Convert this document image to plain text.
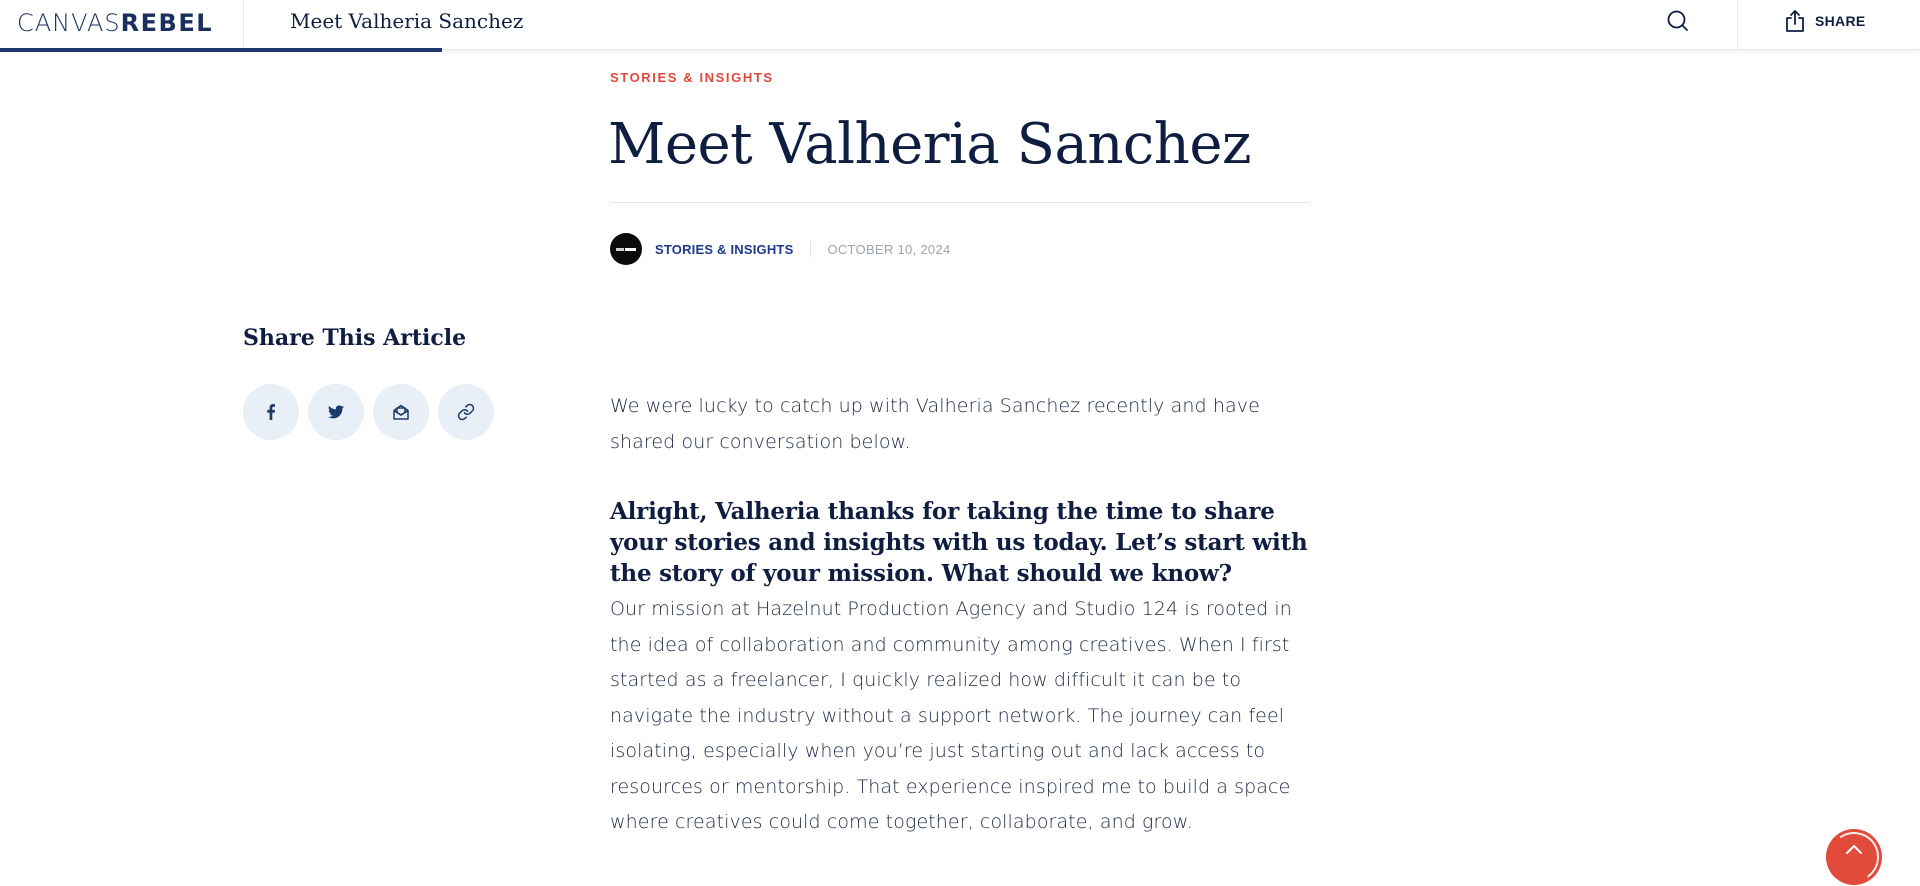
CANVAS REBEL	Meet Valheria Sanchez	SHARE
STORIES & INSIGHTS
Meet Valheria Sanchez
STORIES & INSIGHTS	OCTOBER 10, 2024
Share This Article

We were lucky to catch up with Valheria Sanchez recently and have shared our conversation below.

Alright, Valheria thanks for taking the time to share your stories and insights with us today. Let’s start with the story of your mission. What should we know?

Our mission at Hazelnut Production Agency and Studio 124 is rooted in the idea of collaboration and community among creatives. When I first started as a freelancer, I quickly realized how difficult it can be to navigate the industry without a support network. The journey can feel isolating, especially when you’re just starting out and lack access to resources or mentorship. That experience inspired me to build a space where creatives could come together, collaborate, and grow.
